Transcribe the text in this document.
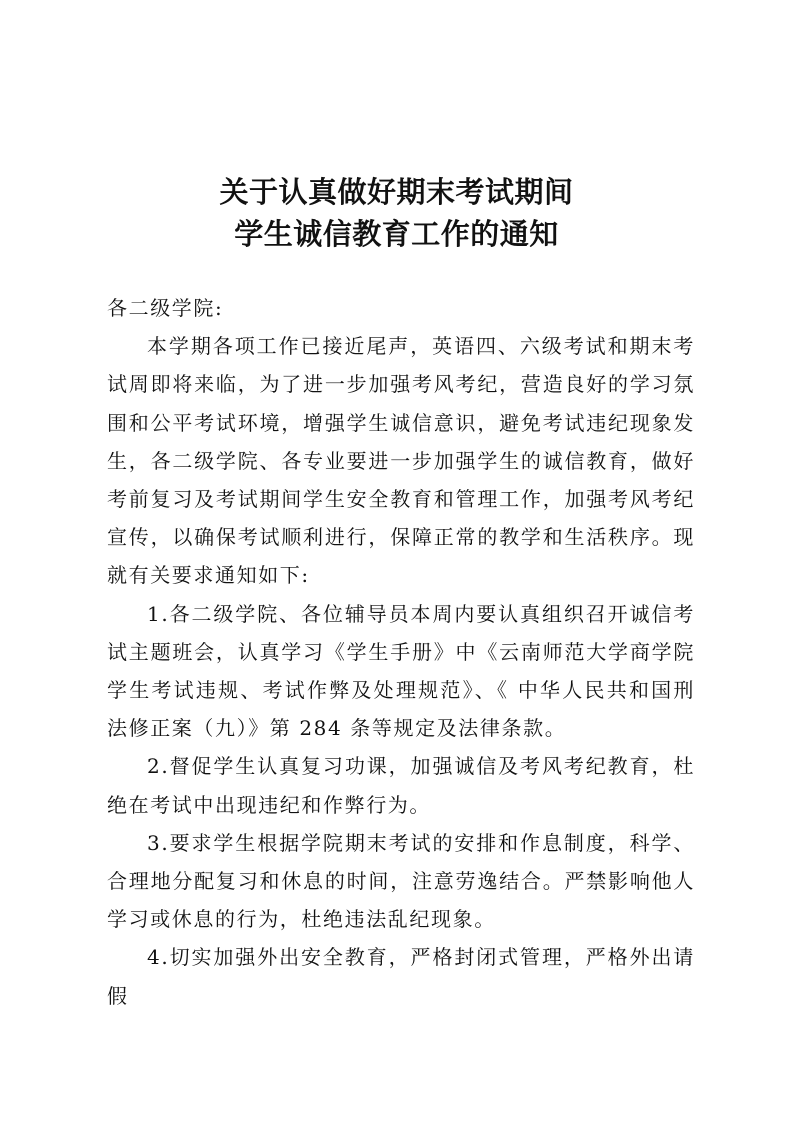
关于认真做好期末考试期间
学生诚信教育工作的通知

各二级学院:

本学期各项工作已接近尾声，英语四、六级考试和期末考试周即将来临，为了进一步加强考风考纪，营造良好的学习氛围和公平考试环境，增强学生诚信意识，避免考试违纪现象发生，各二级学院、各专业要进一步加强学生的诚信教育，做好考前复习及考试期间学生安全教育和管理工作，加强考风考纪宣传，以确保考试顺利进行，保障正常的教学和生活秩序。现就有关要求通知如下:

1.各二级学院、各位辅导员本周内要认真组织召开诚信考试主题班会，认真学习《学生手册》中《云南师范大学商学院学生考试违规、考试作弊及处理规范》、《 中华人民共和国刑法修正案（九）》第 284 条等规定及法律条款。

2.督促学生认真复习功课，加强诚信及考风考纪教育，杜绝在考试中出现违纪和作弊行为。

3.要求学生根据学院期末考试的安排和作息制度，科学、合理地分配复习和休息的时间，注意劳逸结合。严禁影响他人学习或休息的行为，杜绝违法乱纪现象。

4.切实加强外出安全教育，严格封闭式管理，严格外出请假
